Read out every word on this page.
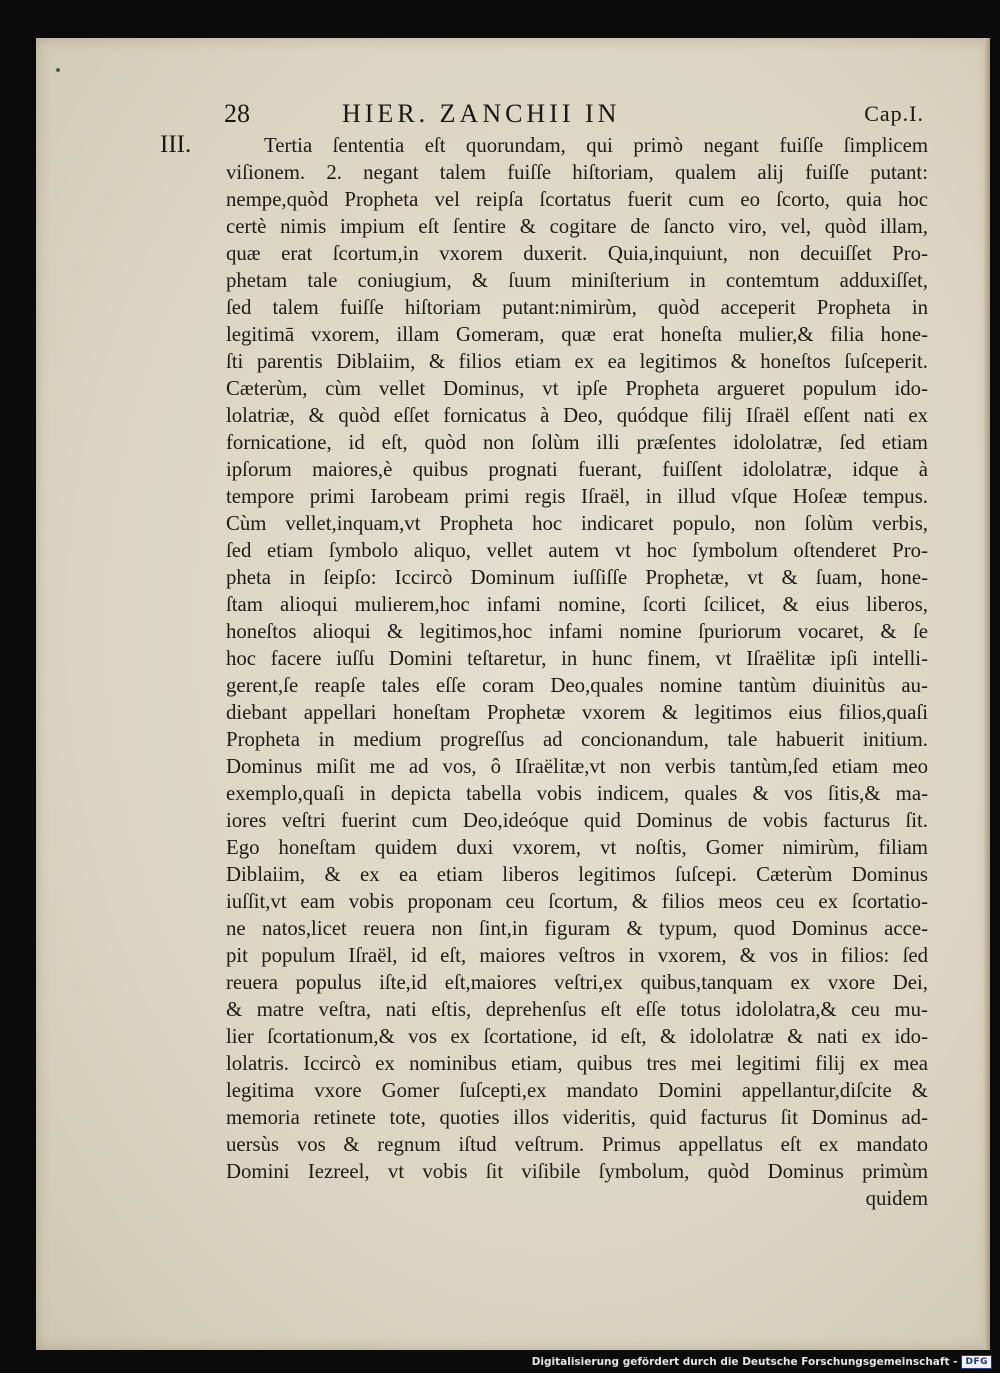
28	HIER. ZANCHII IN	Cap.I.
III.	Tertia ſententia eſt quorundam, qui primò negant fuiſſe ſimplicem
viſionem. 2. negant talem fuiſſe hiſtoriam, qualem alij fuiſſe putant:
nempe,quòd Propheta vel reipſa ſcortatus fuerit cum eo ſcorto, quia hoc
certè nimis impium eſt ſentire & cogitare de ſancto viro, vel, quòd illam,
quæ erat ſcortum,in vxorem duxerit. Quia,inquiunt, non decuiſſet Pro-
phetam tale coniugium, & ſuum miniſterium in contemtum adduxiſſet,
ſed talem fuiſſe hiſtoriam putant:nimirùm, quòd acceperit Propheta in
legitimā vxorem, illam Gomeram, quæ erat honeſta mulier,& filia hone-
ſti parentis Diblaiim, & filios etiam ex ea legitimos & honeſtos ſuſceperit.
Cæterùm, cùm vellet Dominus, vt ipſe Propheta argueret populum ido-
lolatriæ, & quòd eſſet fornicatus à Deo, quódque filij Iſraël eſſent nati ex
fornicatione, id eſt, quòd non ſolùm illi præſentes idololatræ, ſed etiam
ipſorum maiores,è quibus prognati fuerant, fuiſſent idololatræ, idque à
tempore primi Iarobeam primi regis Iſraël, in illud vſque Hoſeæ tempus.
Cùm vellet,inquam,vt Propheta hoc indicaret populo, non ſolùm verbis,
ſed etiam ſymbolo aliquo, vellet autem vt hoc ſymbolum oſtenderet Pro-
pheta in ſeipſo: Iccircò Dominum iuſſiſſe Prophetæ, vt & ſuam, hone-
ſtam alioqui mulierem,hoc infami nomine, ſcorti ſcilicet, & eius liberos,
honeſtos alioqui & legitimos,hoc infami nomine ſpuriorum vocaret, & ſe
hoc facere iuſſu Domini teſtaretur, in hunc finem, vt Iſraëlitæ ipſi intelli-
gerent,ſe reapſe tales eſſe coram Deo,quales nomine tantùm diuinitùs au-
diebant appellari honeſtam Prophetæ vxorem & legitimos eius filios,quaſi
Propheta in medium progreſſus ad concionandum, tale habuerit initium.
Dominus miſit me ad vos, ô Iſraëlitæ,vt non verbis tantùm,ſed etiam meo
exemplo,quaſi in depicta tabella vobis indicem, quales & vos ſitis,& ma-
iores veſtri fuerint cum Deo,ideóque quid Dominus de vobis facturus ſit.
Ego honeſtam quidem duxi vxorem, vt noſtis, Gomer nimirùm, filiam
Diblaiim, & ex ea etiam liberos legitimos ſuſcepi. Cæterùm Dominus
iuſſit,vt eam vobis proponam ceu ſcortum, & filios meos ceu ex ſcortatio-
ne natos,licet reuera non ſint,in figuram & typum, quod Dominus acce-
pit populum Iſraël, id eſt, maiores veſtros in vxorem, & vos in filios: ſed
reuera populus iſte,id eſt,maiores veſtri,ex quibus,tanquam ex vxore Dei,
& matre veſtra, nati eſtis, deprehenſus eſt eſſe totus idololatra,& ceu mu-
lier ſcortationum,& vos ex ſcortatione, id eſt, & idololatræ & nati ex ido-
lolatris. Iccircò ex nominibus etiam, quibus tres mei legitimi filij ex mea
legitima vxore Gomer ſuſcepti,ex mandato Domini appellantur,diſcite &
memoria retinete tote, quoties illos videritis, quid facturus ſit Dominus ad-
uersùs vos & regnum iſtud veſtrum. Primus appellatus eſt ex mandato
Domini Iezreel, vt vobis ſit viſibile ſymbolum, quòd Dominus primùm
quidem
Digitalisierung gefördert durch die Deutsche Forschungsgemeinschaft - DFG
